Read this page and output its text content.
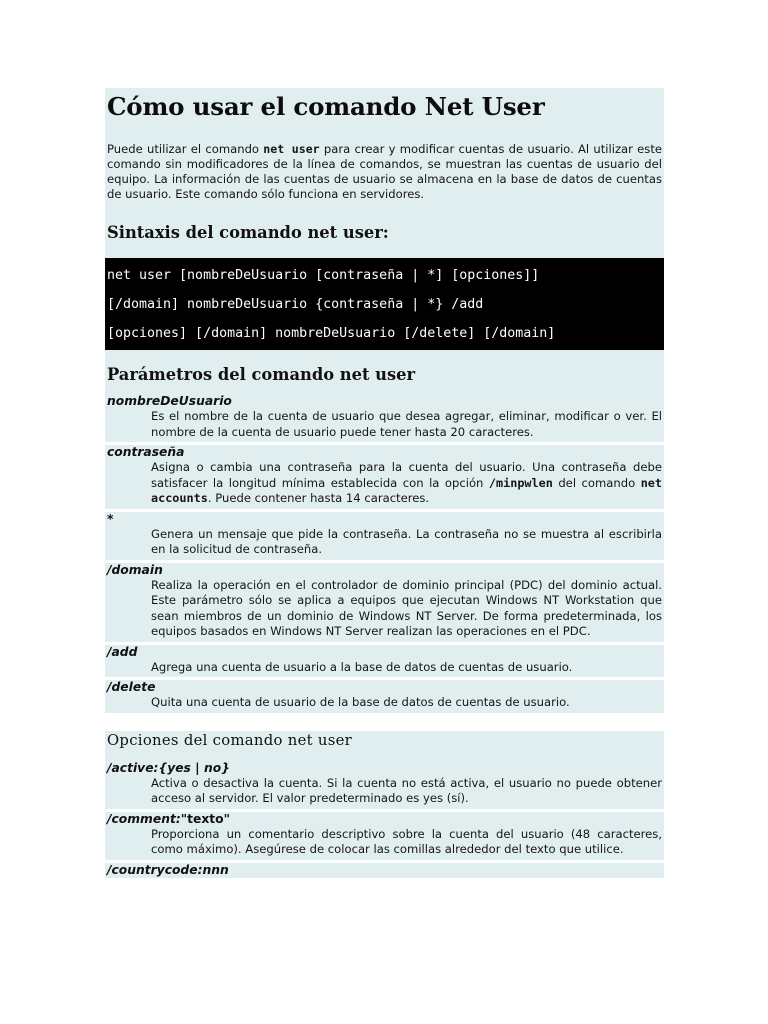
Cómo usar el comando Net User

Puede utilizar el comando net user para crear y modificar cuentas de usuario. Al utilizar este comando sin modificadores de la línea de comandos, se muestran las cuentas de usuario del equipo. La información de las cuentas de usuario se almacena en la base de datos de cuentas de usuario. Este comando sólo funciona en servidores.

Sintaxis del comando net user:
net user [nombreDeUsuario [contraseña | *] [opciones]]
[/domain] nombreDeUsuario {contraseña | *} /add
[opciones] [/domain] nombreDeUsuario [/delete] [/domain]
Parámetros del comando net user
nombreDeUsuario
Es el nombre de la cuenta de usuario que desea agregar, eliminar, modificar o ver. El nombre de la cuenta de usuario puede tener hasta 20 caracteres.
contraseña
Asigna o cambia una contraseña para la cuenta del usuario. Una contraseña debe satisfacer la longitud mínima establecida con la opción /minpwlen del comando net accounts. Puede contener hasta 14 caracteres.
*
Genera un mensaje que pide la contraseña. La contraseña no se muestra al escribirla en la solicitud de contraseña.
/domain
Realiza la operación en el controlador de dominio principal (PDC) del dominio actual. Este parámetro sólo se aplica a equipos que ejecutan Windows NT Workstation que sean miembros de un dominio de Windows NT Server. De forma predeterminada, los equipos basados en Windows NT Server realizan las operaciones en el PDC.
/add
Agrega una cuenta de usuario a la base de datos de cuentas de usuario.
/delete
Quita una cuenta de usuario de la base de datos de cuentas de usuario.
Opciones del comando net user
/active:{yes | no}
Activa o desactiva la cuenta. Si la cuenta no está activa, el usuario no puede obtener acceso al servidor. El valor predeterminado es yes (sí).
/comment:"texto"
Proporciona un comentario descriptivo sobre la cuenta del usuario (48 caracteres, como máximo). Asegúrese de colocar las comillas alrededor del texto que utilice.
/countrycode:nnn
